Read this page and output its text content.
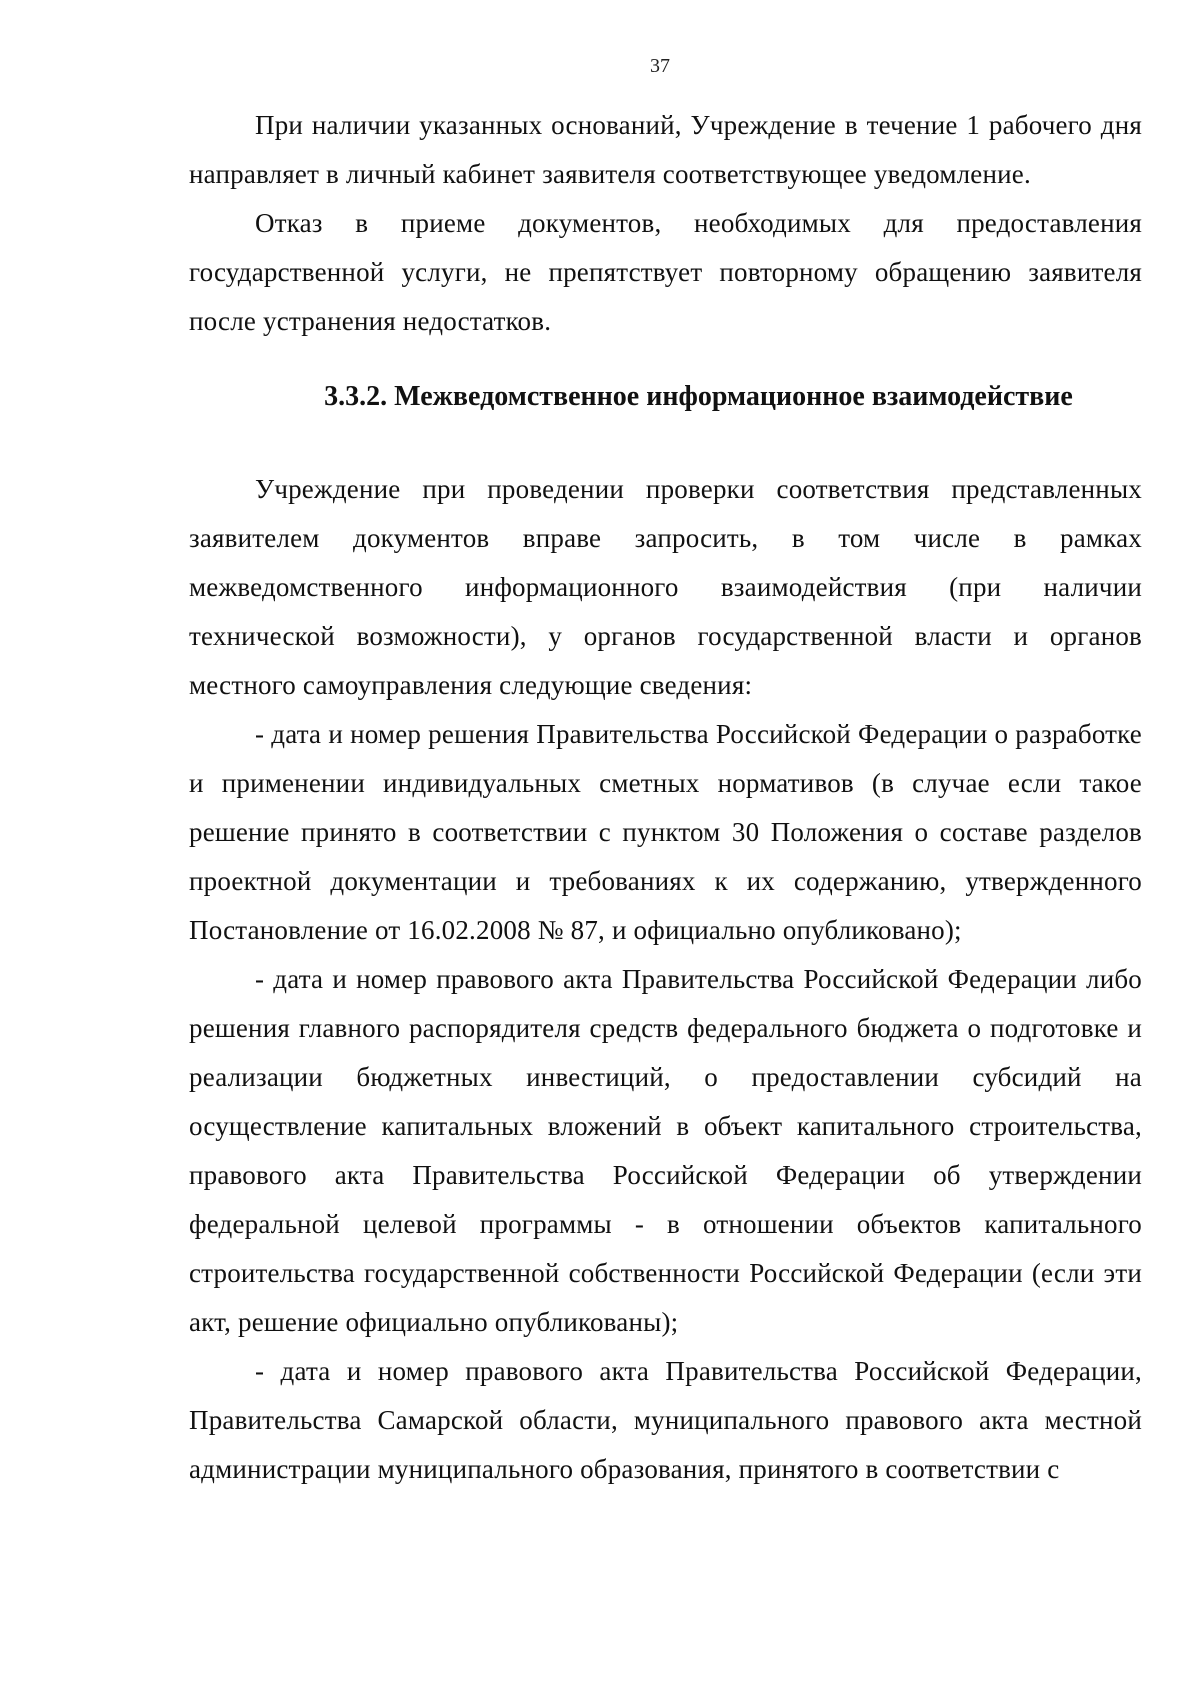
37

При наличии указанных оснований, Учреждение в течение 1 рабочего дня направляет в личный кабинет заявителя соответствующее уведомление.

Отказ в приеме документов, необходимых для предоставления государственной услуги, не препятствует повторному обращению заявителя после устранения недостатков.

3.3.2. Межведомственное информационное взаимодействие

Учреждение при проведении проверки соответствия представленных заявителем документов вправе запросить, в том числе в рамках межведомственного информационного взаимодействия (при наличии технической возможности), у органов государственной власти и органов местного самоуправления следующие сведения:

- дата и номер решения Правительства Российской Федерации о разработке и применении индивидуальных сметных нормативов (в случае если такое решение принято в соответствии с пунктом 30 Положения о составе разделов проектной документации и требованиях к их содержанию, утвержденного Постановление от 16.02.2008 № 87, и официально опубликовано);

- дата и номер правового акта Правительства Российской Федерации либо решения главного распорядителя средств федерального бюджета о подготовке и реализации бюджетных инвестиций, о предоставлении субсидий на осуществление капитальных вложений в объект капитального строительства, правового акта Правительства Российской Федерации об утверждении федеральной целевой программы - в отношении объектов капитального строительства государственной собственности Российской Федерации (если эти акт, решение официально опубликованы);

- дата и номер правового акта Правительства Российской Федерации, Правительства Самарской области, муниципального правового акта местной администрации муниципального образования, принятого в соответствии с
